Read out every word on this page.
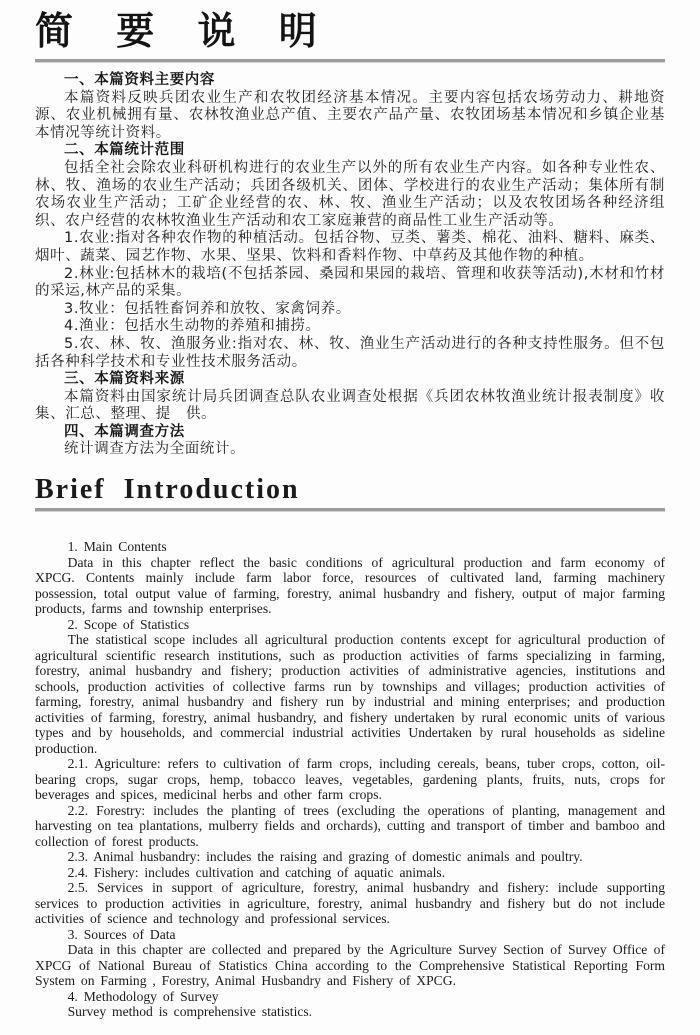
简 要 说 明

一、本篇资料主要内容

本篇资料反映兵团农业生产和农牧团经济基本情况。主要内容包括农场劳动力、耕地资源、农业机械拥有量、农林牧渔业总产值、主要农产品产量、农牧团场基本情况和乡镇企业基本情况等统计资料。

二、本篇统计范围

包括全社会除农业科研机构进行的农业生产以外的所有农业生产内容。如各种专业性农、林、牧、渔场的农业生产活动；兵团各级机关、团体、学校进行的农业生产活动；集体所有制农场农业生产活动；工矿企业经营的农、林、牧、渔业生产活动；以及农牧团场各种经济组织、农户经营的农林牧渔业生产活动和农工家庭兼营的商品性工业生产活动等。

1.农业:指对各种农作物的种植活动。包括谷物、豆类、薯类、棉花、油料、糖料、麻类、烟叶、蔬菜、园艺作物、水果、坚果、饮料和香料作物、中草药及其他作物的种植。

2.林业:包括林木的栽培(不包括茶园、桑园和果园的栽培、管理和收获等活动),木材和竹材的采运,林产品的采集。

3.牧业：包括牲畜饲养和放牧、家禽饲养。

4.渔业：包括水生动物的养殖和捕捞。

5.农、林、牧、渔服务业:指对农、林、牧、渔业生产活动进行的各种支持性服务。但不包括各种科学技术和专业性技术服务活动。

三、本篇资料来源

本篇资料由国家统计局兵团调查总队农业调查处根据《兵团农林牧渔业统计报表制度》收集、汇总、整理、提　供。

四、本篇调查方法

统计调查方法为全面统计。

Brief Introduction

1. Main Contents

Data in this chapter reflect the basic conditions of agricultural production and farm economy of XPCG. Contents mainly include farm labor force, resources of cultivated land, farming machinery possession, total output value of farming, forestry, animal husbandry and fishery, output of major farming products, farms and township enterprises.

2. Scope of Statistics

The statistical scope includes all agricultural production contents except for agricultural production of agricultural scientific research institutions, such as production activities of farms specializing in farming, forestry, animal husbandry and fishery; production activities of administrative agencies, institutions and schools, production activities of collective farms run by townships and villages; production activities of farming, forestry, animal husbandry and fishery run by industrial and mining enterprises; and production activities of farming, forestry, animal husbandry, and fishery undertaken by rural economic units of various types and by households, and commercial industrial activities Undertaken by rural households as sideline production.

2.1. Agriculture: refers to cultivation of farm crops, including cereals, beans, tuber crops, cotton, oil-bearing crops, sugar crops, hemp, tobacco leaves, vegetables, gardening plants, fruits, nuts, crops for beverages and spices, medicinal herbs and other farm crops.

2.2. Forestry: includes the planting of trees (excluding the operations of planting, management and harvesting on tea plantations, mulberry fields and orchards), cutting and transport of timber and bamboo and collection of forest products.

2.3. Animal husbandry: includes the raising and grazing of domestic animals and poultry.

2.4. Fishery: includes cultivation and catching of aquatic animals.

2.5. Services in support of agriculture, forestry, animal husbandry and fishery: include supporting services to production activities in agriculture, forestry, animal husbandry and fishery but do not include activities of science and technology and professional services.

3. Sources of Data

Data in this chapter are collected and prepared by the Agriculture Survey Section of Survey Office of XPCG of National Bureau of Statistics China according to the Comprehensive Statistical Reporting Form System on Farming , Forestry, Animal Husbandry and Fishery of XPCG.

4. Methodology of Survey

Survey method is comprehensive statistics.
